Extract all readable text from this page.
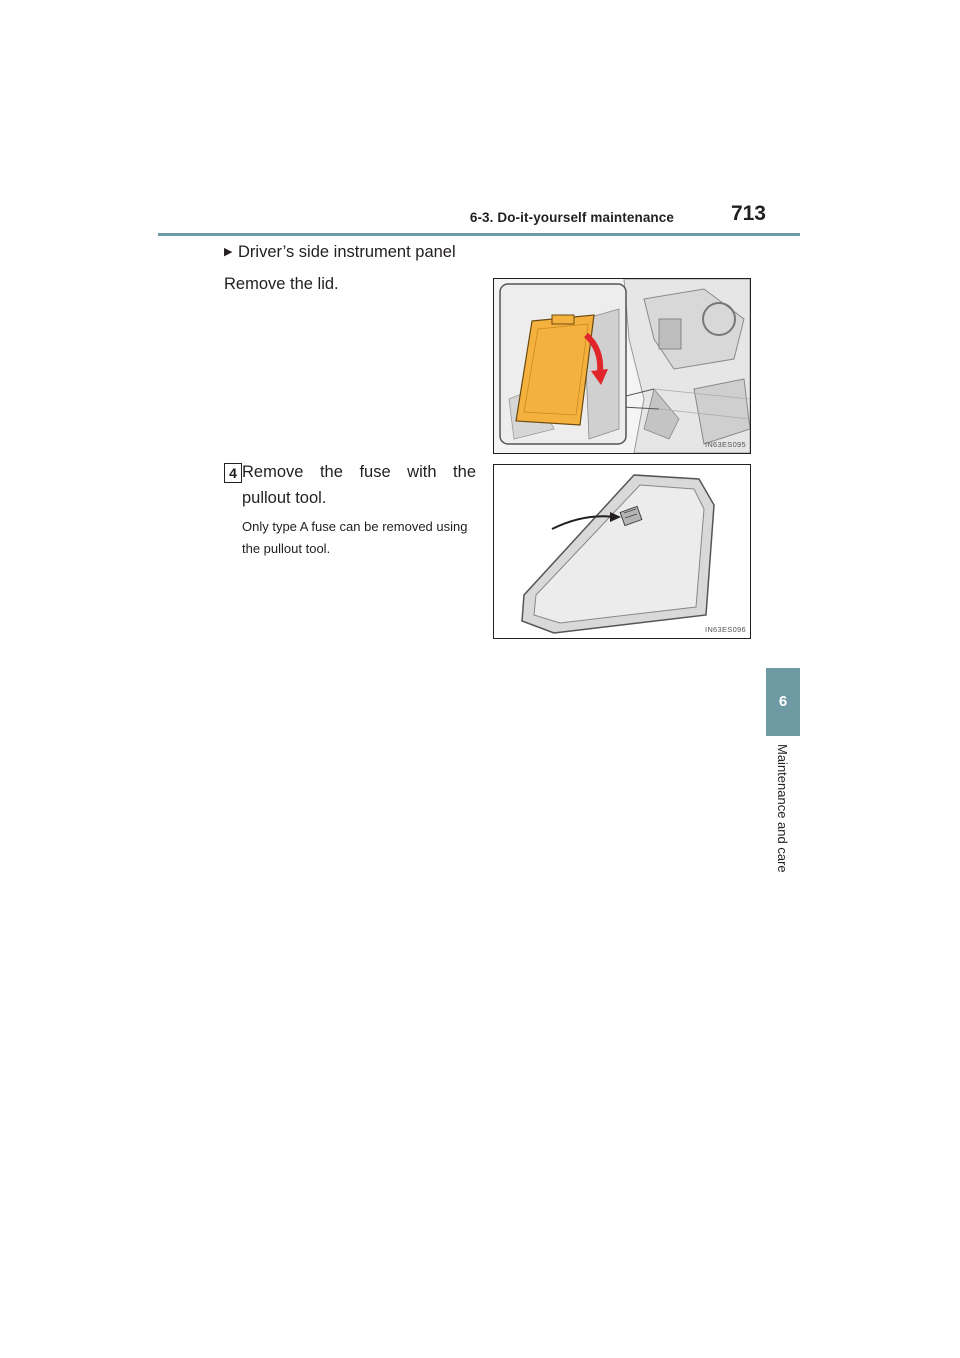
6-3. Do-it-yourself maintenance	713
6
Maintenance and care
▶ Driver’s side instrument panel
Remove the lid.
4 Remove the fuse with the pullout tool.
Only type A fuse can be removed using the pullout tool.
IN63ES095
IN63ES096
